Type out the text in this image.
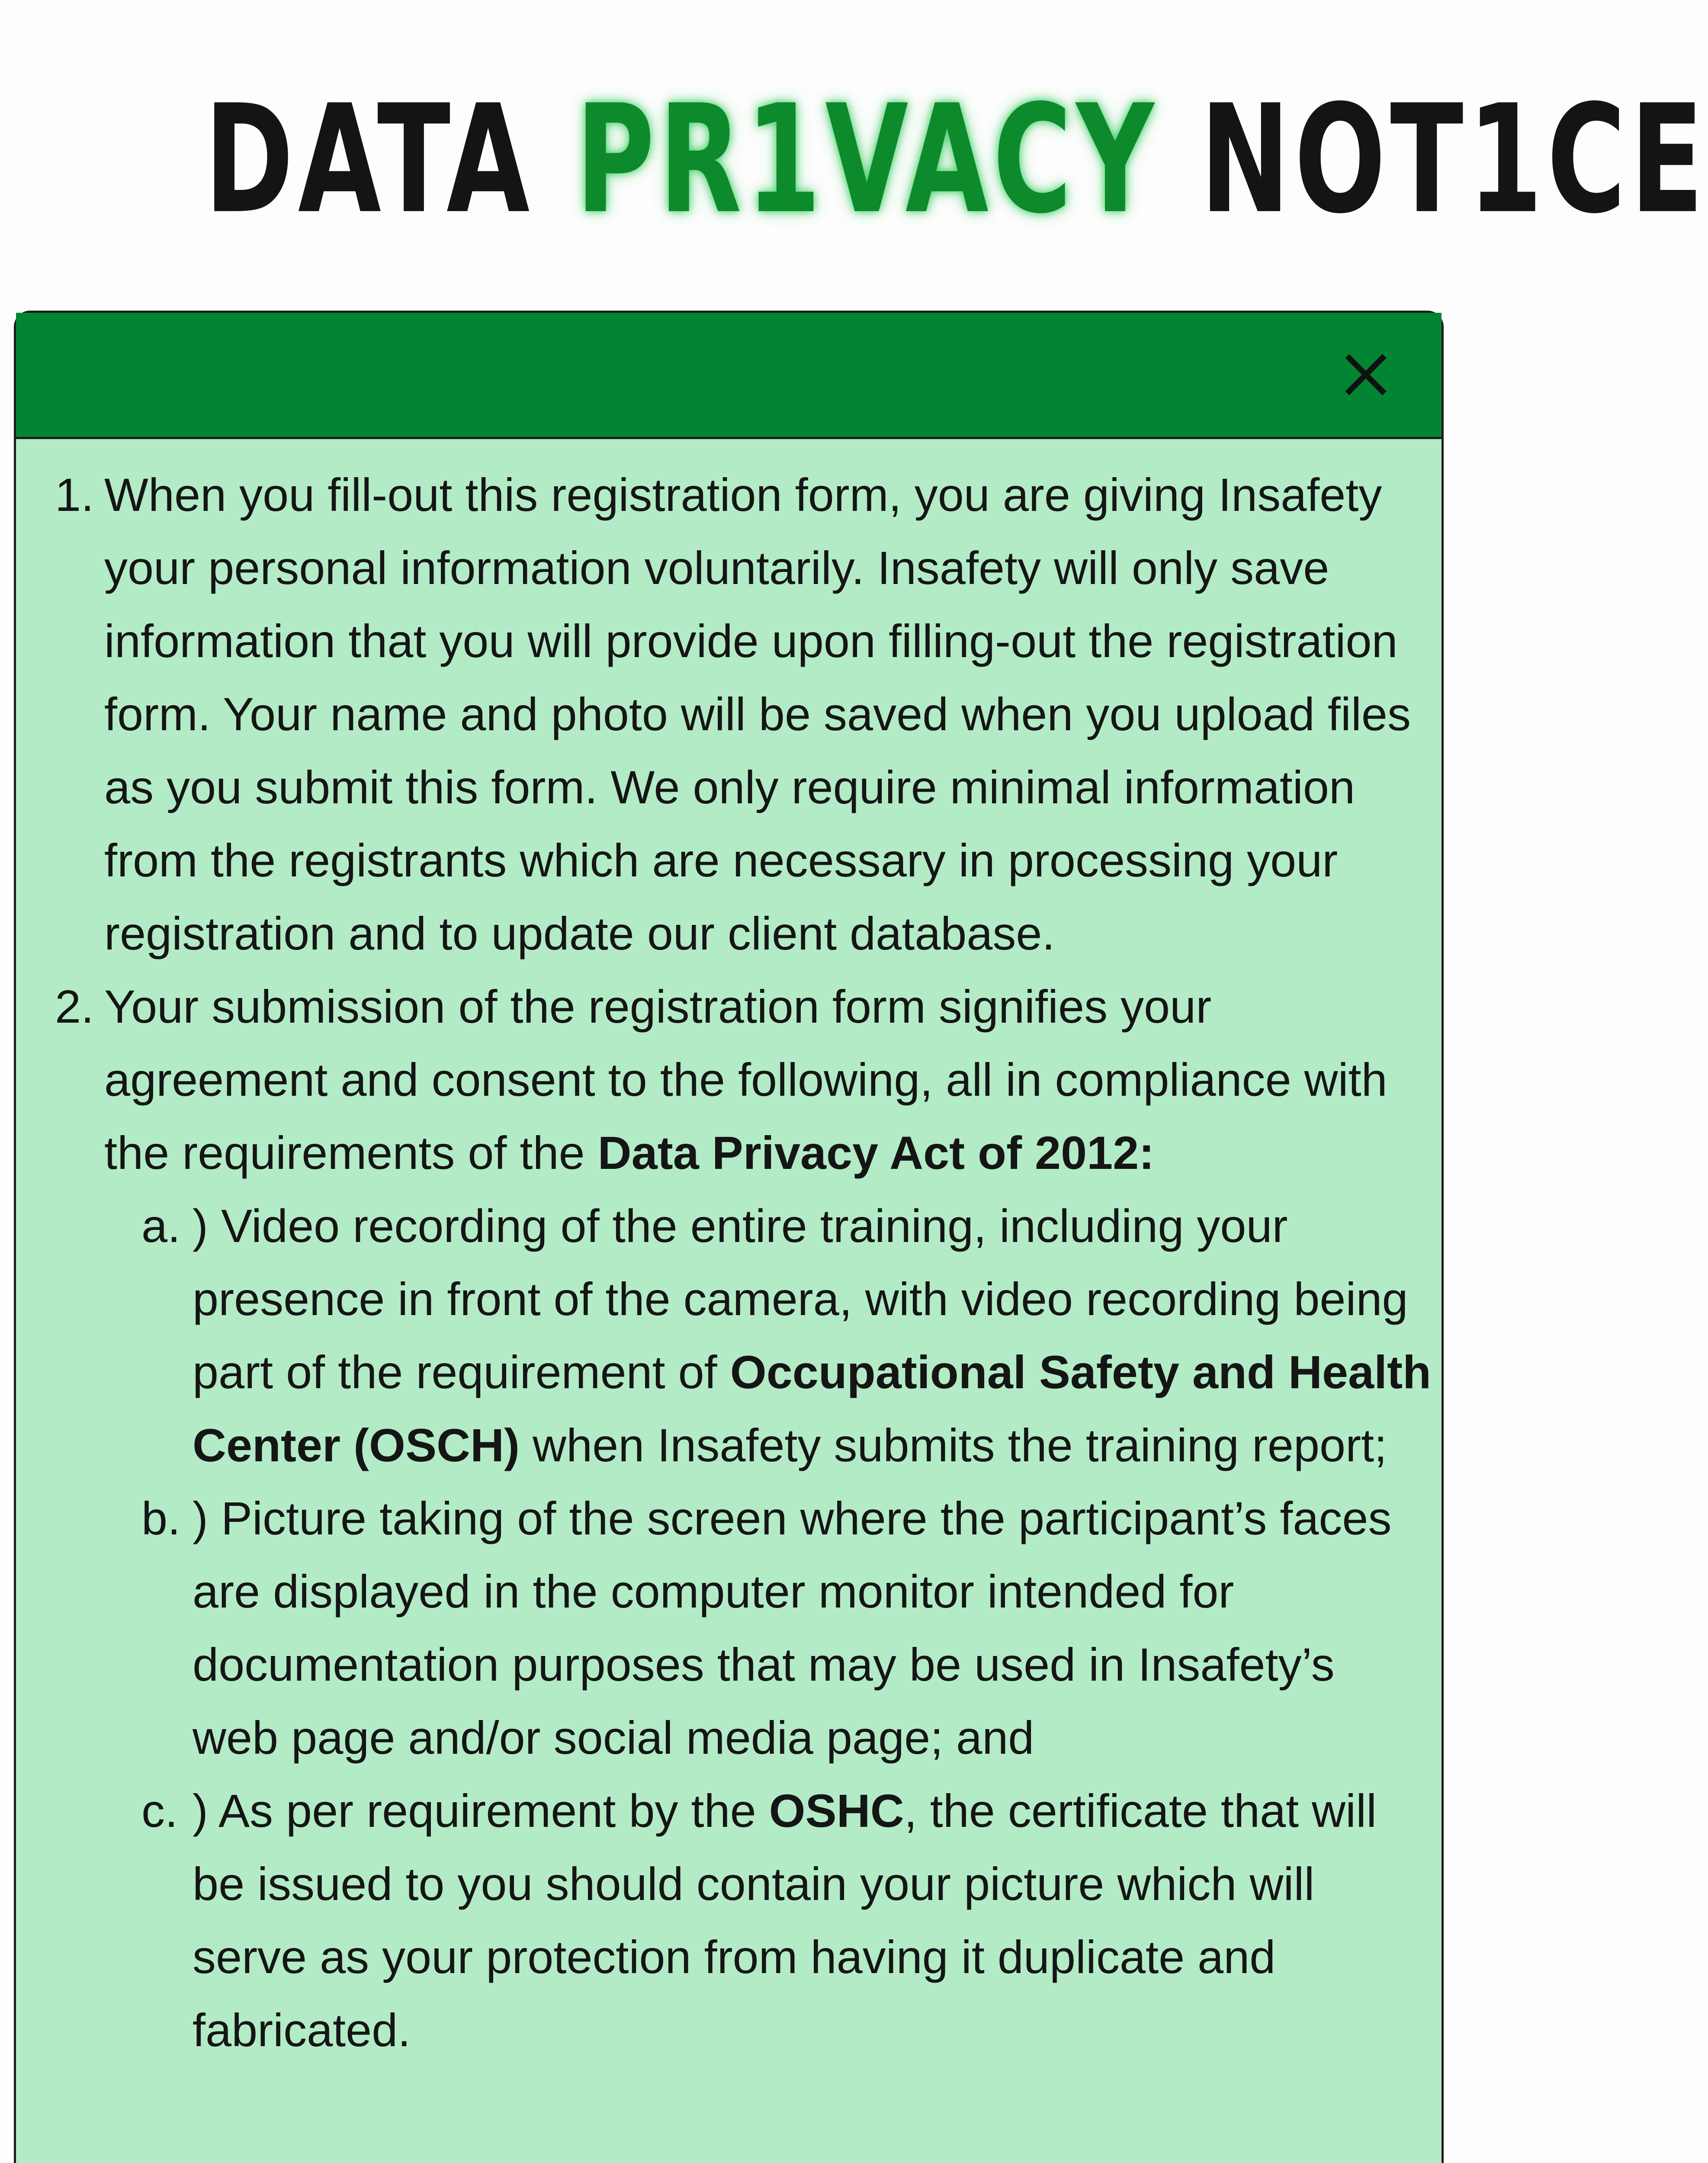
DATA PR1VACY NOT1CE
1. When you fill-out this registration form, you are giving Insafety your personal information voluntarily. Insafety will only save information that you will provide upon filling-out the registration form. Your name and photo will be saved when you upload files as you submit this form. We only require minimal information from the registrants which are necessary in processing your registration and to update our client database.
2. Your submission of the registration form signifies your agreement and consent to the following, all in compliance with the requirements of the Data Privacy Act of 2012:
a. ) Video recording of the entire training, including your presence in front of the camera, with video recording being part of the requirement of Occupational Safety and Health Center (OSCH) when Insafety submits the training report;
b. ) Picture taking of the screen where the participant’s faces are displayed in the computer monitor intended for documentation purposes that may be used in Insafety’s web page and/or social media page; and
c. ) As per requirement by the OSHC, the certificate that will be issued to you should contain your picture which will serve as your protection from having it duplicate and fabricated.
